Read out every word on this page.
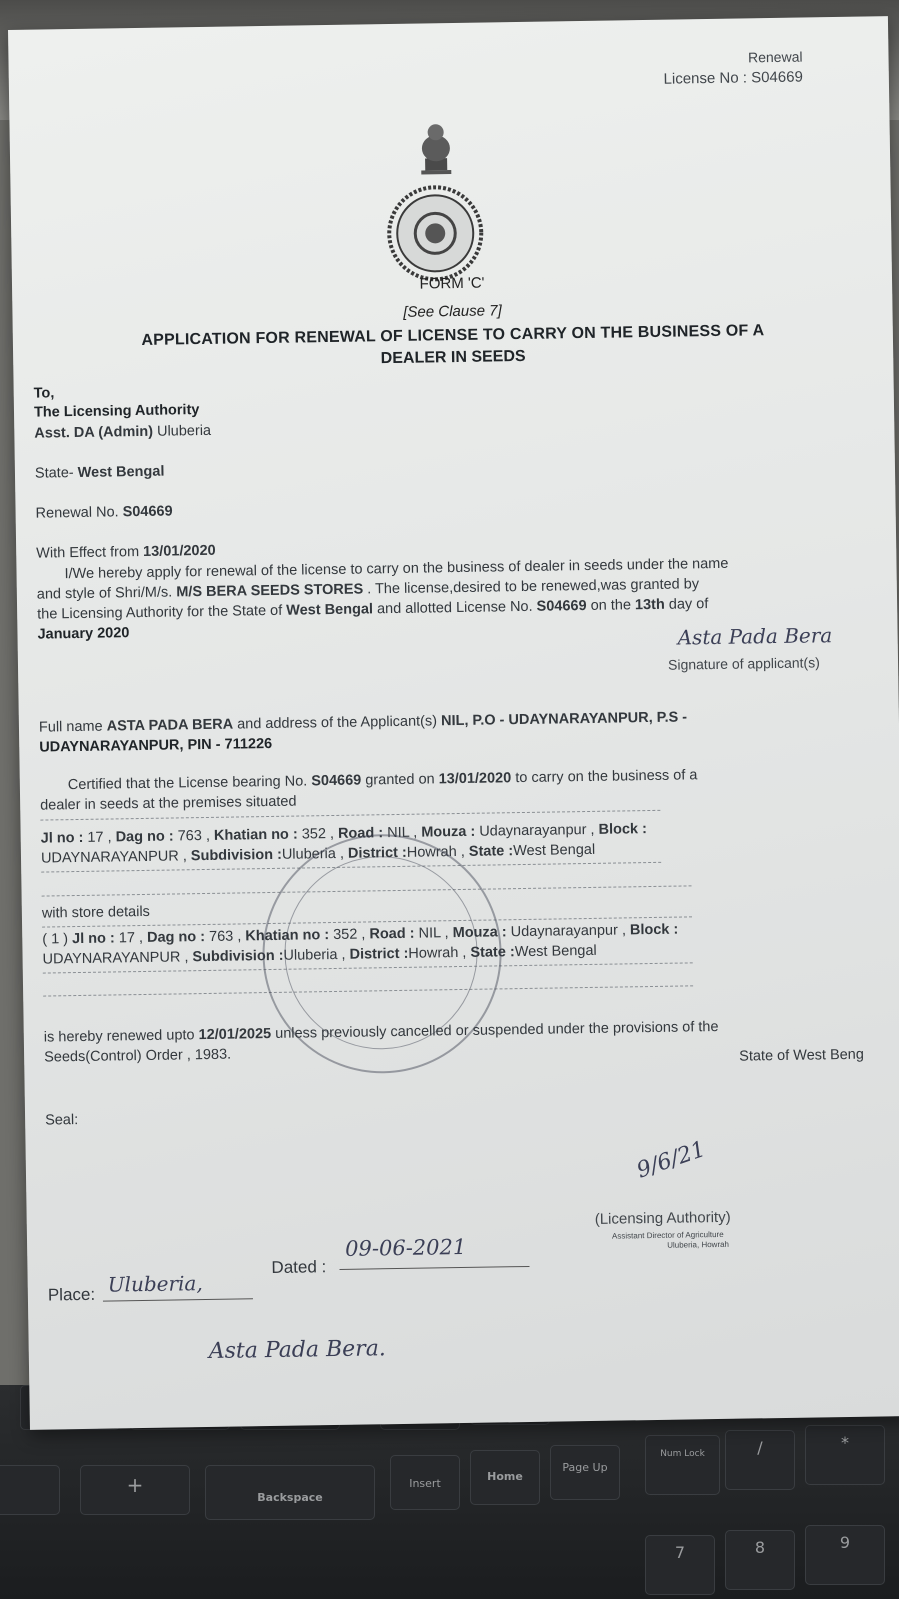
+
Backspace
Insert
Home
Page Up
Num Lock	/	*
7	8	9
Renewal
License No : S04669
FORM 'C'
[See Clause 7]
APPLICATION FOR RENEWAL OF LICENSE TO CARRY ON THE BUSINESS OF A
DEALER IN SEEDS
To,
The Licensing Authority
Asst. DA (Admin) Uluberia
State- West Bengal
Renewal No. S04669
With Effect from 13/01/2020
I/We hereby apply for renewal of the license to carry on the business of dealer in seeds under the name
and style of Shri/M/s. M/S BERA SEEDS STORES . The license,desired to be renewed,was granted by
the Licensing Authority for the State of West Bengal and allotted License No. S04669 on the 13th day of
January 2020	Asta Pada Bera
Signature of applicant(s)
Full name ASTA PADA BERA and address of the Applicant(s) NIL, P.O - UDAYNARAYANPUR, P.S -
UDAYNARAYANPUR, PIN - 711226
Certified that the License bearing No. S04669 granted on 13/01/2020 to carry on the business of a
dealer in seeds at the premises situated
Jl no : 17 , Dag no : 763 , Khatian no : 352 , Road : NIL , Mouza : Udaynarayanpur , Block :
UDAYNARAYANPUR , Subdivision :Uluberia , District :Howrah , State :West Bengal
with store details
( 1 ) Jl no : 17 , Dag no : 763 , Khatian no : 352 , Road : NIL , Mouza : Udaynarayanpur , Block :
UDAYNARAYANPUR , Subdivision :Uluberia , District :Howrah , State :West Bengal
is hereby renewed upto 12/01/2025 unless previously cancelled or suspended under the provisions of the
Seeds(Control) Order , 1983.	State of West Beng
Seal:
9/6/21
(Licensing Authority)
Assistant Director of Agriculture
Uluberia, Howrah
Place: Uluberia,
Dated :
09-06-2021
Asta Pada Bera.
